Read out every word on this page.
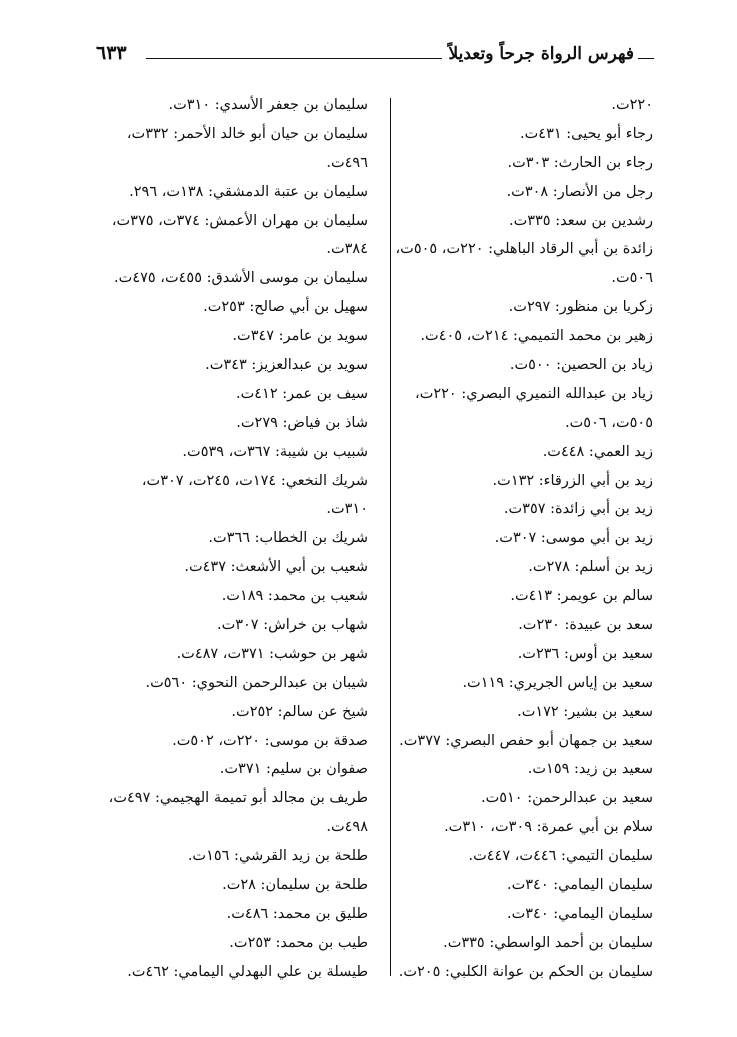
فهرس الرواة جرحاً وتعديلاً
٦٣٣
٢٢٠ت.
رجاء أبو يحيى: ٤٣١ت.
رجاء بن الحارث: ٣٠٣ت.
رجل من الأنصار: ٣٠٨ت.
رشدين بن سعد: ٣٣٥ت.
زائدة بن أبي الرقاد الباهلي: ٢٢٠ت، ٥٠٥ت،
٥٠٦ت.
زكريا بن منظور: ٢٩٧ت.
زهير بن محمد التميمي: ٢١٤ت، ٤٠٥ت.
زياد بن الحصين: ٥٠٠ت.
زياد بن عبدالله النميري البصري: ٢٢٠ت،
٥٠٥ت، ٥٠٦ت.
زيد العمي: ٤٤٨ت.
زيد بن أبي الزرقاء: ١٣٢ت.
زيد بن أبي زائدة: ٣٥٧ت.
زيد بن أبي موسى: ٣٠٧ت.
زيد بن أسلم: ٢٧٨ت.
سالم بن عويمر: ٤١٣ت.
سعد بن عبيدة: ٢٣٠ت.
سعيد بن أوس: ٢٣٦ت.
سعيد بن إياس الجريري: ١١٩ت.
سعيد بن بشير: ١٧٢ت.
سعيد بن جمهان أبو حفص البصري: ٣٧٧ت.
سعيد بن زيد: ١٥٩ت.
سعيد بن عبدالرحمن: ٥١٠ت.
سلام بن أبي عمرة: ٣٠٩ت، ٣١٠ت.
سليمان التيمي: ٤٤٦ت، ٤٤٧ت.
سليمان اليمامي: ٣٤٠ت.
سليمان اليمامي: ٣٤٠ت.
سليمان بن أحمد الواسطي: ٣٣٥ت.
سليمان بن الحكم بن عوانة الكلبي: ٢٠٥ت.
سليمان بن جعفر الأسدي: ٣١٠ت.
سليمان بن حيان أبو خالد الأحمر: ٣٣٢ت،
٤٩٦ت.
سليمان بن عتبة الدمشقي: ١٣٨ت، ٢٩٦.
سليمان بن مهران الأعمش: ٣٧٤ت، ٣٧٥ت،
٣٨٤ت.
سليمان بن موسى الأشدق: ٤٥٥ت، ٤٧٥ت.
سهيل بن أبي صالح: ٢٥٣ت.
سويد بن عامر: ٣٤٧ت.
سويد بن عبدالعزيز: ٣٤٣ت.
سيف بن عمر: ٤١٢ت.
شاذ بن فياض: ٢٧٩ت.
شبيب بن شيبة: ٣٦٧ت، ٥٣٩ت.
شريك النخعي: ١٧٤ت، ٢٤٥ت، ٣٠٧ت،
٣١٠ت.
شريك بن الخطاب: ٣٦٦ت.
شعيب بن أبي الأشعث: ٤٣٧ت.
شعيب بن محمد: ١٨٩ت.
شهاب بن خراش: ٣٠٧ت.
شهر بن حوشب: ٣٧١ت، ٤٨٧ت.
شيبان بن عبدالرحمن النحوي: ٥٦٠ت.
شيخ عن سالم: ٢٥٢ت.
صدقة بن موسى: ٢٢٠ت، ٥٠٢ت.
صفوان بن سليم: ٣٧١ت.
طريف بن مجالد أبو تميمة الهجيمي: ٤٩٧ت،
٤٩٨ت.
طلحة بن زيد القرشي: ١٥٦ت.
طلحة بن سليمان: ٢٨ت.
طليق بن محمد: ٤٨٦ت.
طيب بن محمد: ٢٥٣ت.
طيسلة بن علي البهدلي اليمامي: ٤٦٢ت.
